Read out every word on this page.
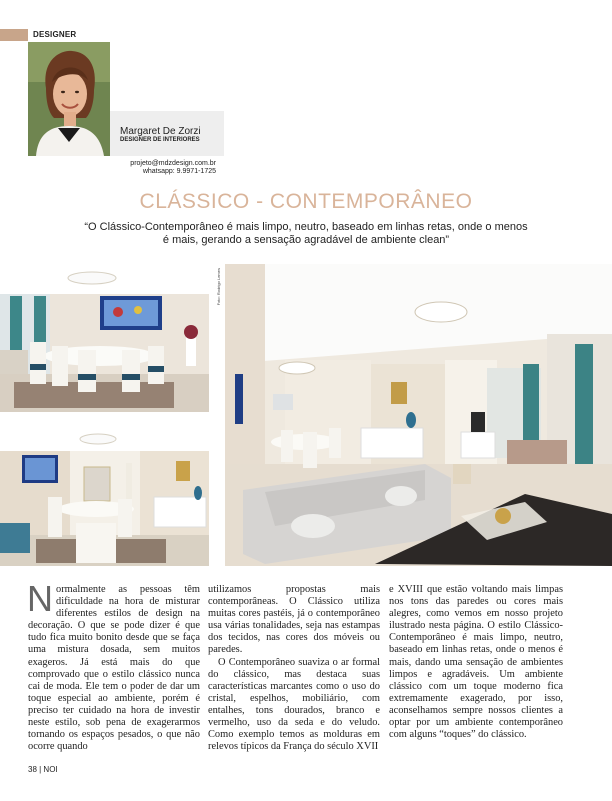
DESIGNER
Margaret De Zorzi
DESIGNER DE INTERIORES
projeto@mdzdesign.com.br
whatsapp: 9.9971-1725
CLÁSSICO - CONTEMPORÂNEO
“O Clássico-Contemporâneo é mais limpo, neutro, baseado em linhas retas, onde o menos é mais, gerando a sensação agradável de ambiente clean”
Foto: Rodrigo Lemes

Normalmente as pessoas têm dificuldade na hora de misturar diferentes estilos de design na decoração. O que se pode dizer é que tudo fica muito bonito desde que se faça uma mistura dosada, sem muitos exageros. Já está mais do que comprovado que o estilo clássico nunca cai de moda. Ele tem o poder de dar um toque especial ao ambiente, porém é preciso ter cuidado na hora de investir neste estilo, sob pena de exagerarmos tornando os espaços pesados, o que não ocorre quando

utilizamos propostas mais contemporâneas. O Clássico utiliza muitas cores pastéis, já o contemporâneo usa várias tonalidades, seja nas estampas dos tecidos, nas cores dos móveis ou paredes.

O Contemporâneo suaviza o ar formal do clássico, mas destaca suas características marcantes como o uso do cristal, espelhos, mobiliário, com entalhes, tons dourados, branco e vermelho, uso da seda e do veludo. Como exemplo temos as molduras em relevos típicos da França do século XVII

e XVIII que estão voltando mais limpas nos tons das paredes ou cores mais alegres, como vemos em nosso projeto ilustrado nesta página. O estilo Clássico-Contemporâneo é mais limpo, neutro, baseado em linhas retas, onde o menos é mais, dando uma sensação de ambientes limpos e agradáveis. Um ambiente clássico com um toque moderno fica extremamente exagerado, por isso, aconselhamos sempre nossos clientes a optar por um ambiente contemporâneo com alguns “toques” do clássico.

38 | NOI
